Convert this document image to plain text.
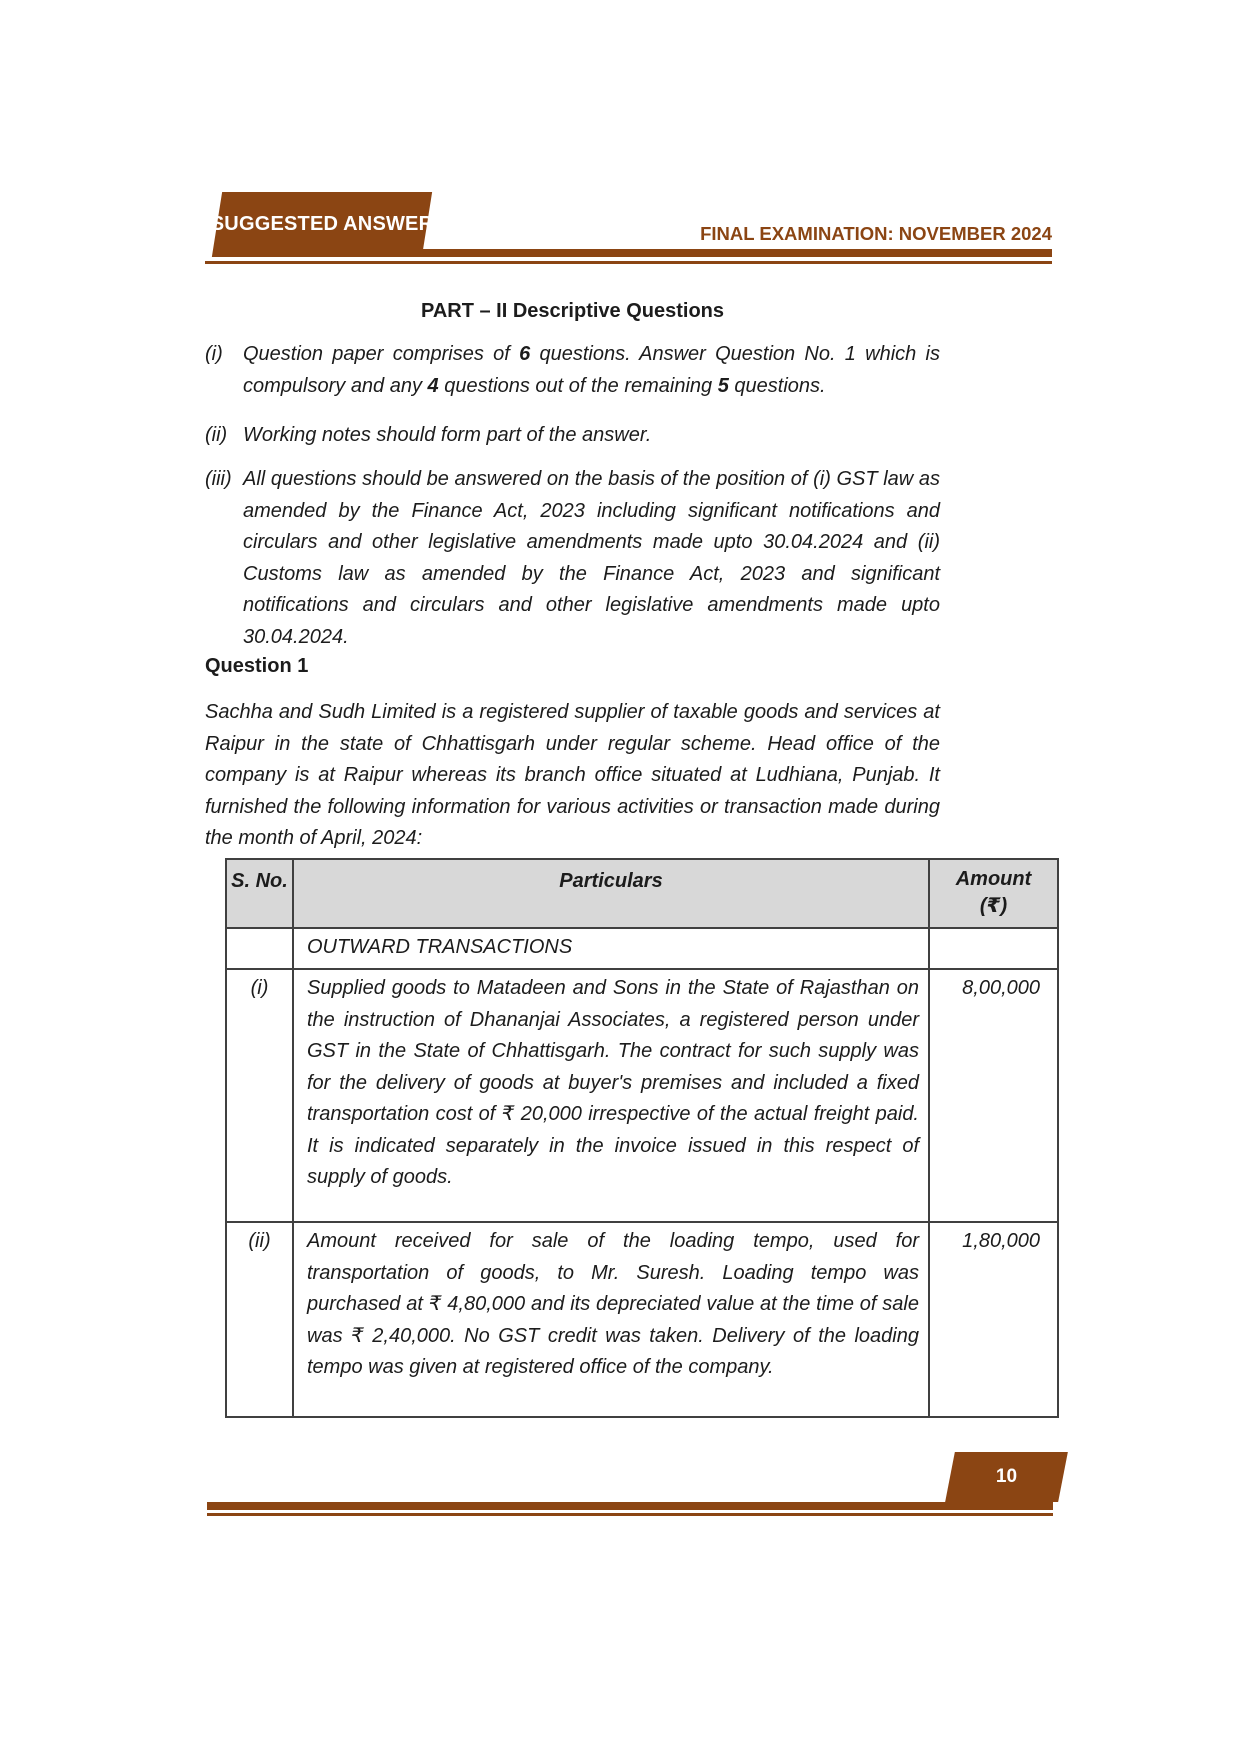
SUGGESTED ANSWER	FINAL EXAMINATION: NOVEMBER 2024
PART – II Descriptive Questions
(i) Question paper comprises of 6 questions. Answer Question No. 1 which is compulsory and any 4 questions out of the remaining 5 questions.
(ii) Working notes should form part of the answer.
(iii) All questions should be answered on the basis of the position of (i) GST law as amended by the Finance Act, 2023 including significant notifications and circulars and other legislative amendments made upto 30.04.2024 and (ii) Customs law as amended by the Finance Act, 2023 and significant notifications and circulars and other legislative amendments made upto 30.04.2024.
Question 1
Sachha and Sudh Limited is a registered supplier of taxable goods and services at Raipur in the state of Chhattisgarh under regular scheme. Head office of the company is at Raipur whereas its branch office situated at Ludhiana, Punjab. It furnished the following information for various activities or transaction made during the month of April, 2024:
S. No.	Particulars	Amount
(₹)

	OUTWARD TRANSACTIONS	
(i)	Supplied goods to Matadeen and Sons in the State of Rajasthan on the instruction of Dhananjai Associates, a registered person under GST in the State of Chhattisgarh. The contract for such supply was for the delivery of goods at buyer's premises and included a fixed transportation cost of ₹ 20,000 irrespective of the actual freight paid. It is indicated separately in the invoice issued in this respect of supply of goods.	8,00,000
(ii)	Amount received for sale of the loading tempo, used for transportation of goods, to Mr. Suresh. Loading tempo was purchased at ₹ 4,80,000 and its depreciated value at the time of sale was ₹ 2,40,000. No GST credit was taken. Delivery of the loading tempo was given at registered office of the company.	1,80,000
10
